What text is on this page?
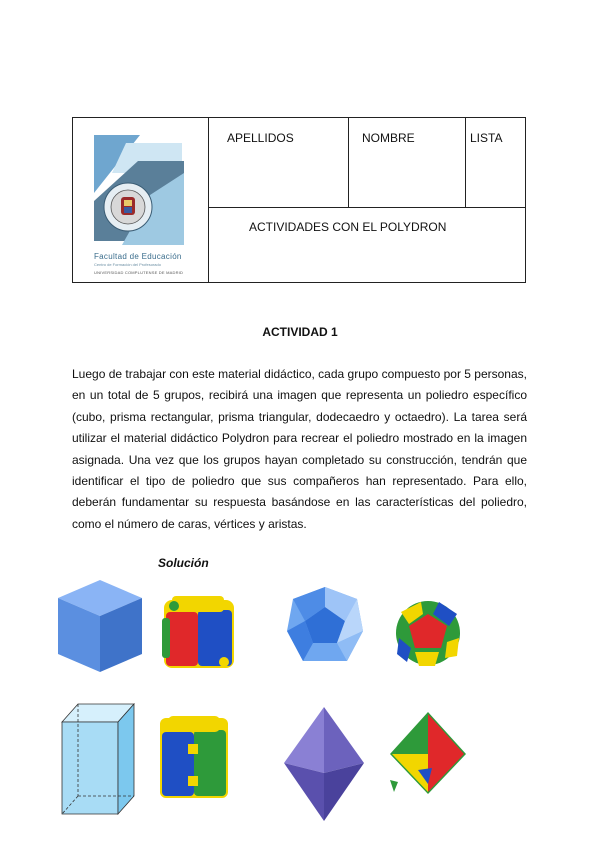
Facultad de Educación
Centro de Formación del Profesorado
UNIVERSIDAD COMPLUTENSE DE MADRID
APELLIDOS	NOMBRE	LISTA
ACTIVIDADES CON EL POLYDRON
ACTIVIDAD 1
Luego de trabajar con este material didáctico, cada grupo compuesto por 5 personas, en un total de 5 grupos, recibirá una imagen que representa un poliedro específico (cubo, prisma rectangular, prisma triangular, dodecaedro y octaedro). La tarea será utilizar el material didáctico Polydron para recrear el poliedro mostrado en la imagen asignada. Una vez que los grupos hayan completado su construcción, tendrán que identificar el tipo de poliedro que sus compañeros han representado. Para ello, deberán fundamentar su respuesta basándose en las características del poliedro, como el número de caras, vértices y aristas.
Solución
